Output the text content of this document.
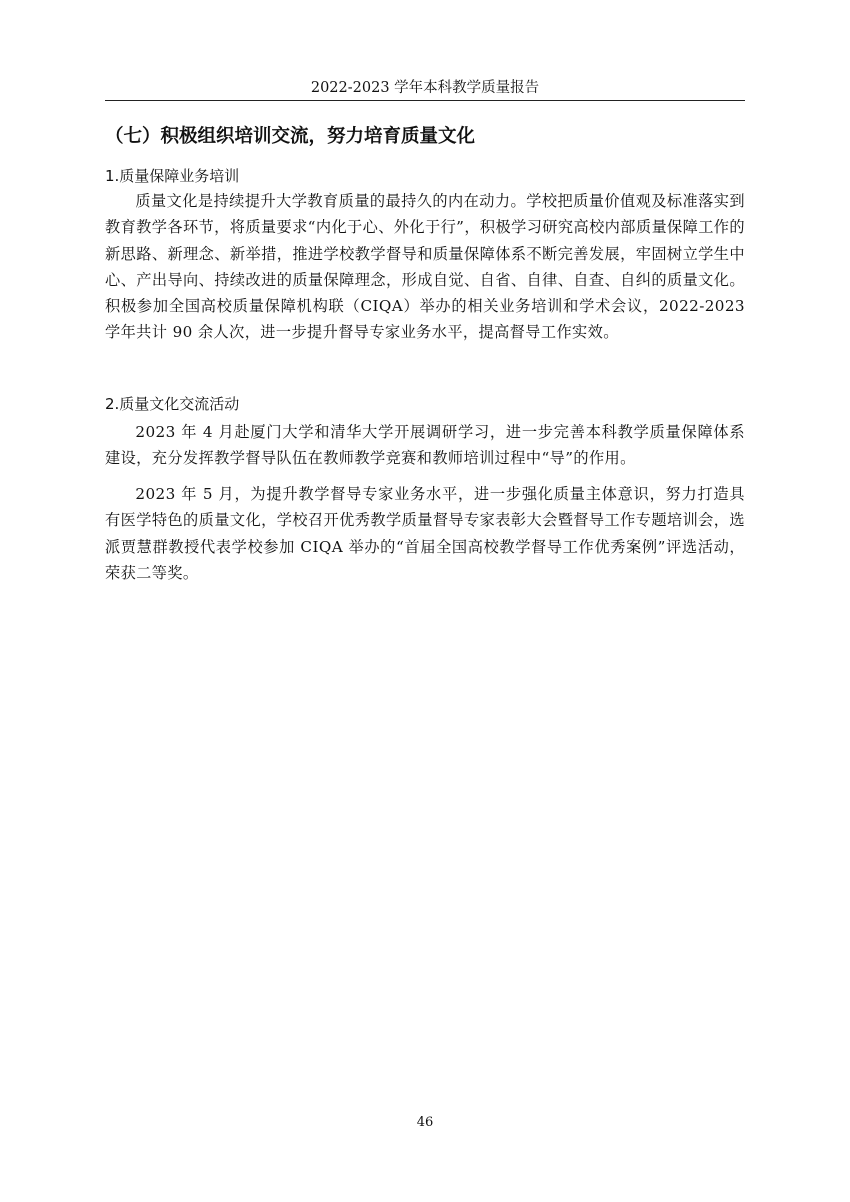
2022-2023 学年本科教学质量报告
（七）积极组织培训交流，努力培育质量文化
1.质量保障业务培训

质量文化是持续提升大学教育质量的最持久的内在动力。学校把质量价值观及标准落实到教育教学各环节，将质量要求“内化于心、外化于行”，积极学习研究高校内部质量保障工作的新思路、新理念、新举措，推进学校教学督导和质量保障体系不断完善发展，牢固树立学生中心、产出导向、持续改进的质量保障理念，形成自觉、自省、自律、自查、自纠的质量文化。积极参加全国高校质量保障机构联（CIQA）举办的相关业务培训和学术会议，2022-2023 学年共计 90 余人次，进一步提升督导专家业务水平，提高督导工作实效。

2.质量文化交流活动

2023 年 4 月赴厦门大学和清华大学开展调研学习，进一步完善本科教学质量保障体系建设，充分发挥教学督导队伍在教师教学竞赛和教师培训过程中“导”的作用。

2023 年 5 月，为提升教学督导专家业务水平，进一步强化质量主体意识，努力打造具有医学特色的质量文化，学校召开优秀教学质量督导专家表彰大会暨督导工作专题培训会，选派贾慧群教授代表学校参加 CIQA 举办的“首届全国高校教学督导工作优秀案例”评选活动，荣获二等奖。

46
